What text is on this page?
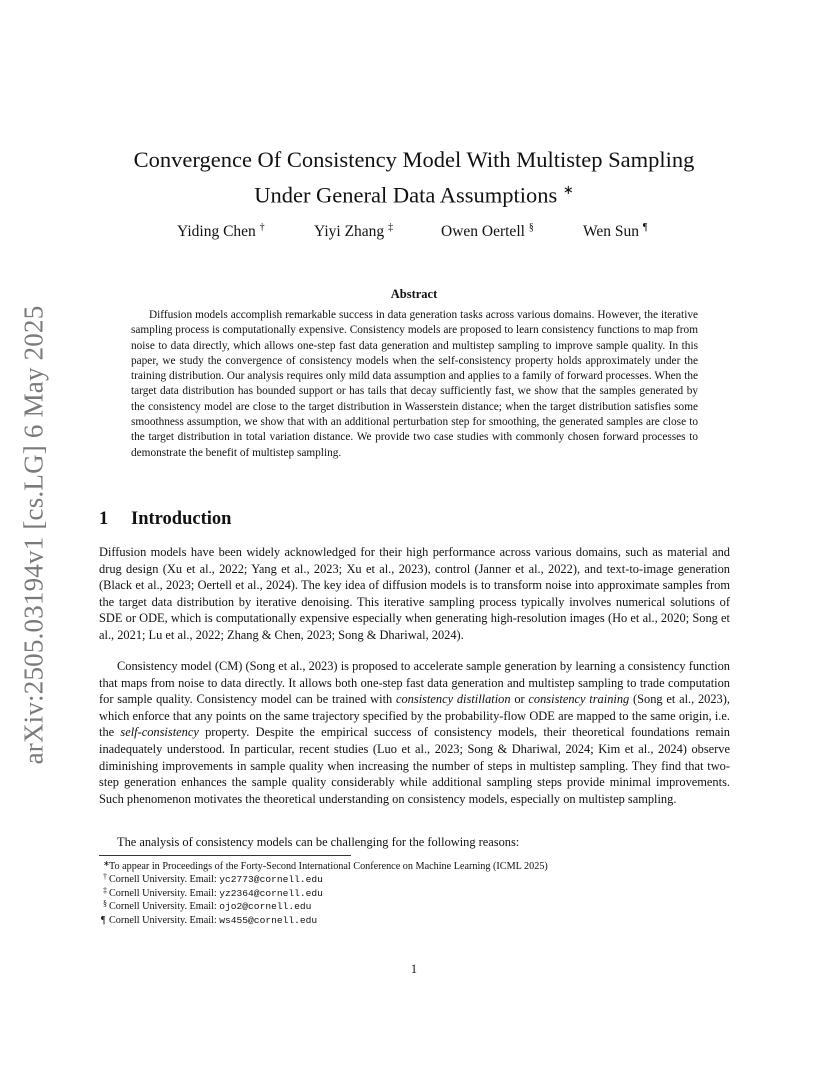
arXiv:2505.03194v1 [cs.LG] 6 May 2025
Convergence Of Consistency Model With Multistep Sampling
Under General Data Assumptions ∗
Yiding Chen †	Yiyi Zhang ‡	Owen Oertell §	Wen Sun ¶
Abstract

Diffusion models accomplish remarkable success in data generation tasks across various domains. However, the iterative sampling process is computationally expensive. Consistency models are proposed to learn consistency functions to map from noise to data directly, which allows one-step fast data generation and multistep sampling to improve sample quality. In this paper, we study the convergence of consistency models when the self-consistency property holds approximately under the training distribution. Our analysis requires only mild data assumption and applies to a family of forward processes. When the target data distribution has bounded support or has tails that decay sufficiently fast, we show that the samples generated by the consistency model are close to the target distribution in Wasserstein distance; when the target distribution satisfies some smoothness assumption, we show that with an additional perturbation step for smoothing, the generated samples are close to the target distribution in total variation distance. We provide two case studies with commonly chosen forward processes to demonstrate the benefit of multistep sampling.

1 Introduction

Diffusion models have been widely acknowledged for their high performance across various domains, such as material and drug design (Xu et al., 2022; Yang et al., 2023; Xu et al., 2023), control (Janner et al., 2022), and text-to-image generation (Black et al., 2023; Oertell et al., 2024). The key idea of diffusion models is to transform noise into approximate samples from the target data distribution by iterative denoising. This iterative sampling process typically involves numerical solutions of SDE or ODE, which is computationally expensive especially when generating high-resolution images (Ho et al., 2020; Song et al., 2021; Lu et al., 2022; Zhang & Chen, 2023; Song & Dhariwal, 2024).

Consistency model (CM) (Song et al., 2023) is proposed to accelerate sample generation by learning a consistency function that maps from noise to data directly. It allows both one-step fast data generation and multistep sampling to trade computation for sample quality. Consistency model can be trained with consistency distillation or consistency training (Song et al., 2023), which enforce that any points on the same trajectory specified by the probability-flow ODE are mapped to the same origin, i.e. the self-consistency property. Despite the empirical success of consistency models, their theoretical foundations remain inadequately understood. In particular, recent studies (Luo et al., 2023; Song & Dhariwal, 2024; Kim et al., 2024) observe diminishing improvements in sample quality when increasing the number of steps in multistep sampling. They find that two-step generation enhances the sample quality considerably while additional sampling steps provide minimal improvements. Such phenomenon motivates the theoretical understanding on consistency models, especially on multistep sampling.

The analysis of consistency models can be challenging for the following reasons:

∗ To appear in Proceedings of the Forty-Second International Conference on Machine Learning (ICML 2025)
† Cornell University. Email: yc2773@cornell.edu
‡ Cornell University. Email: yz2364@cornell.edu
§ Cornell University. Email: ojo2@cornell.edu
¶ Cornell University. Email: ws455@cornell.edu
1
